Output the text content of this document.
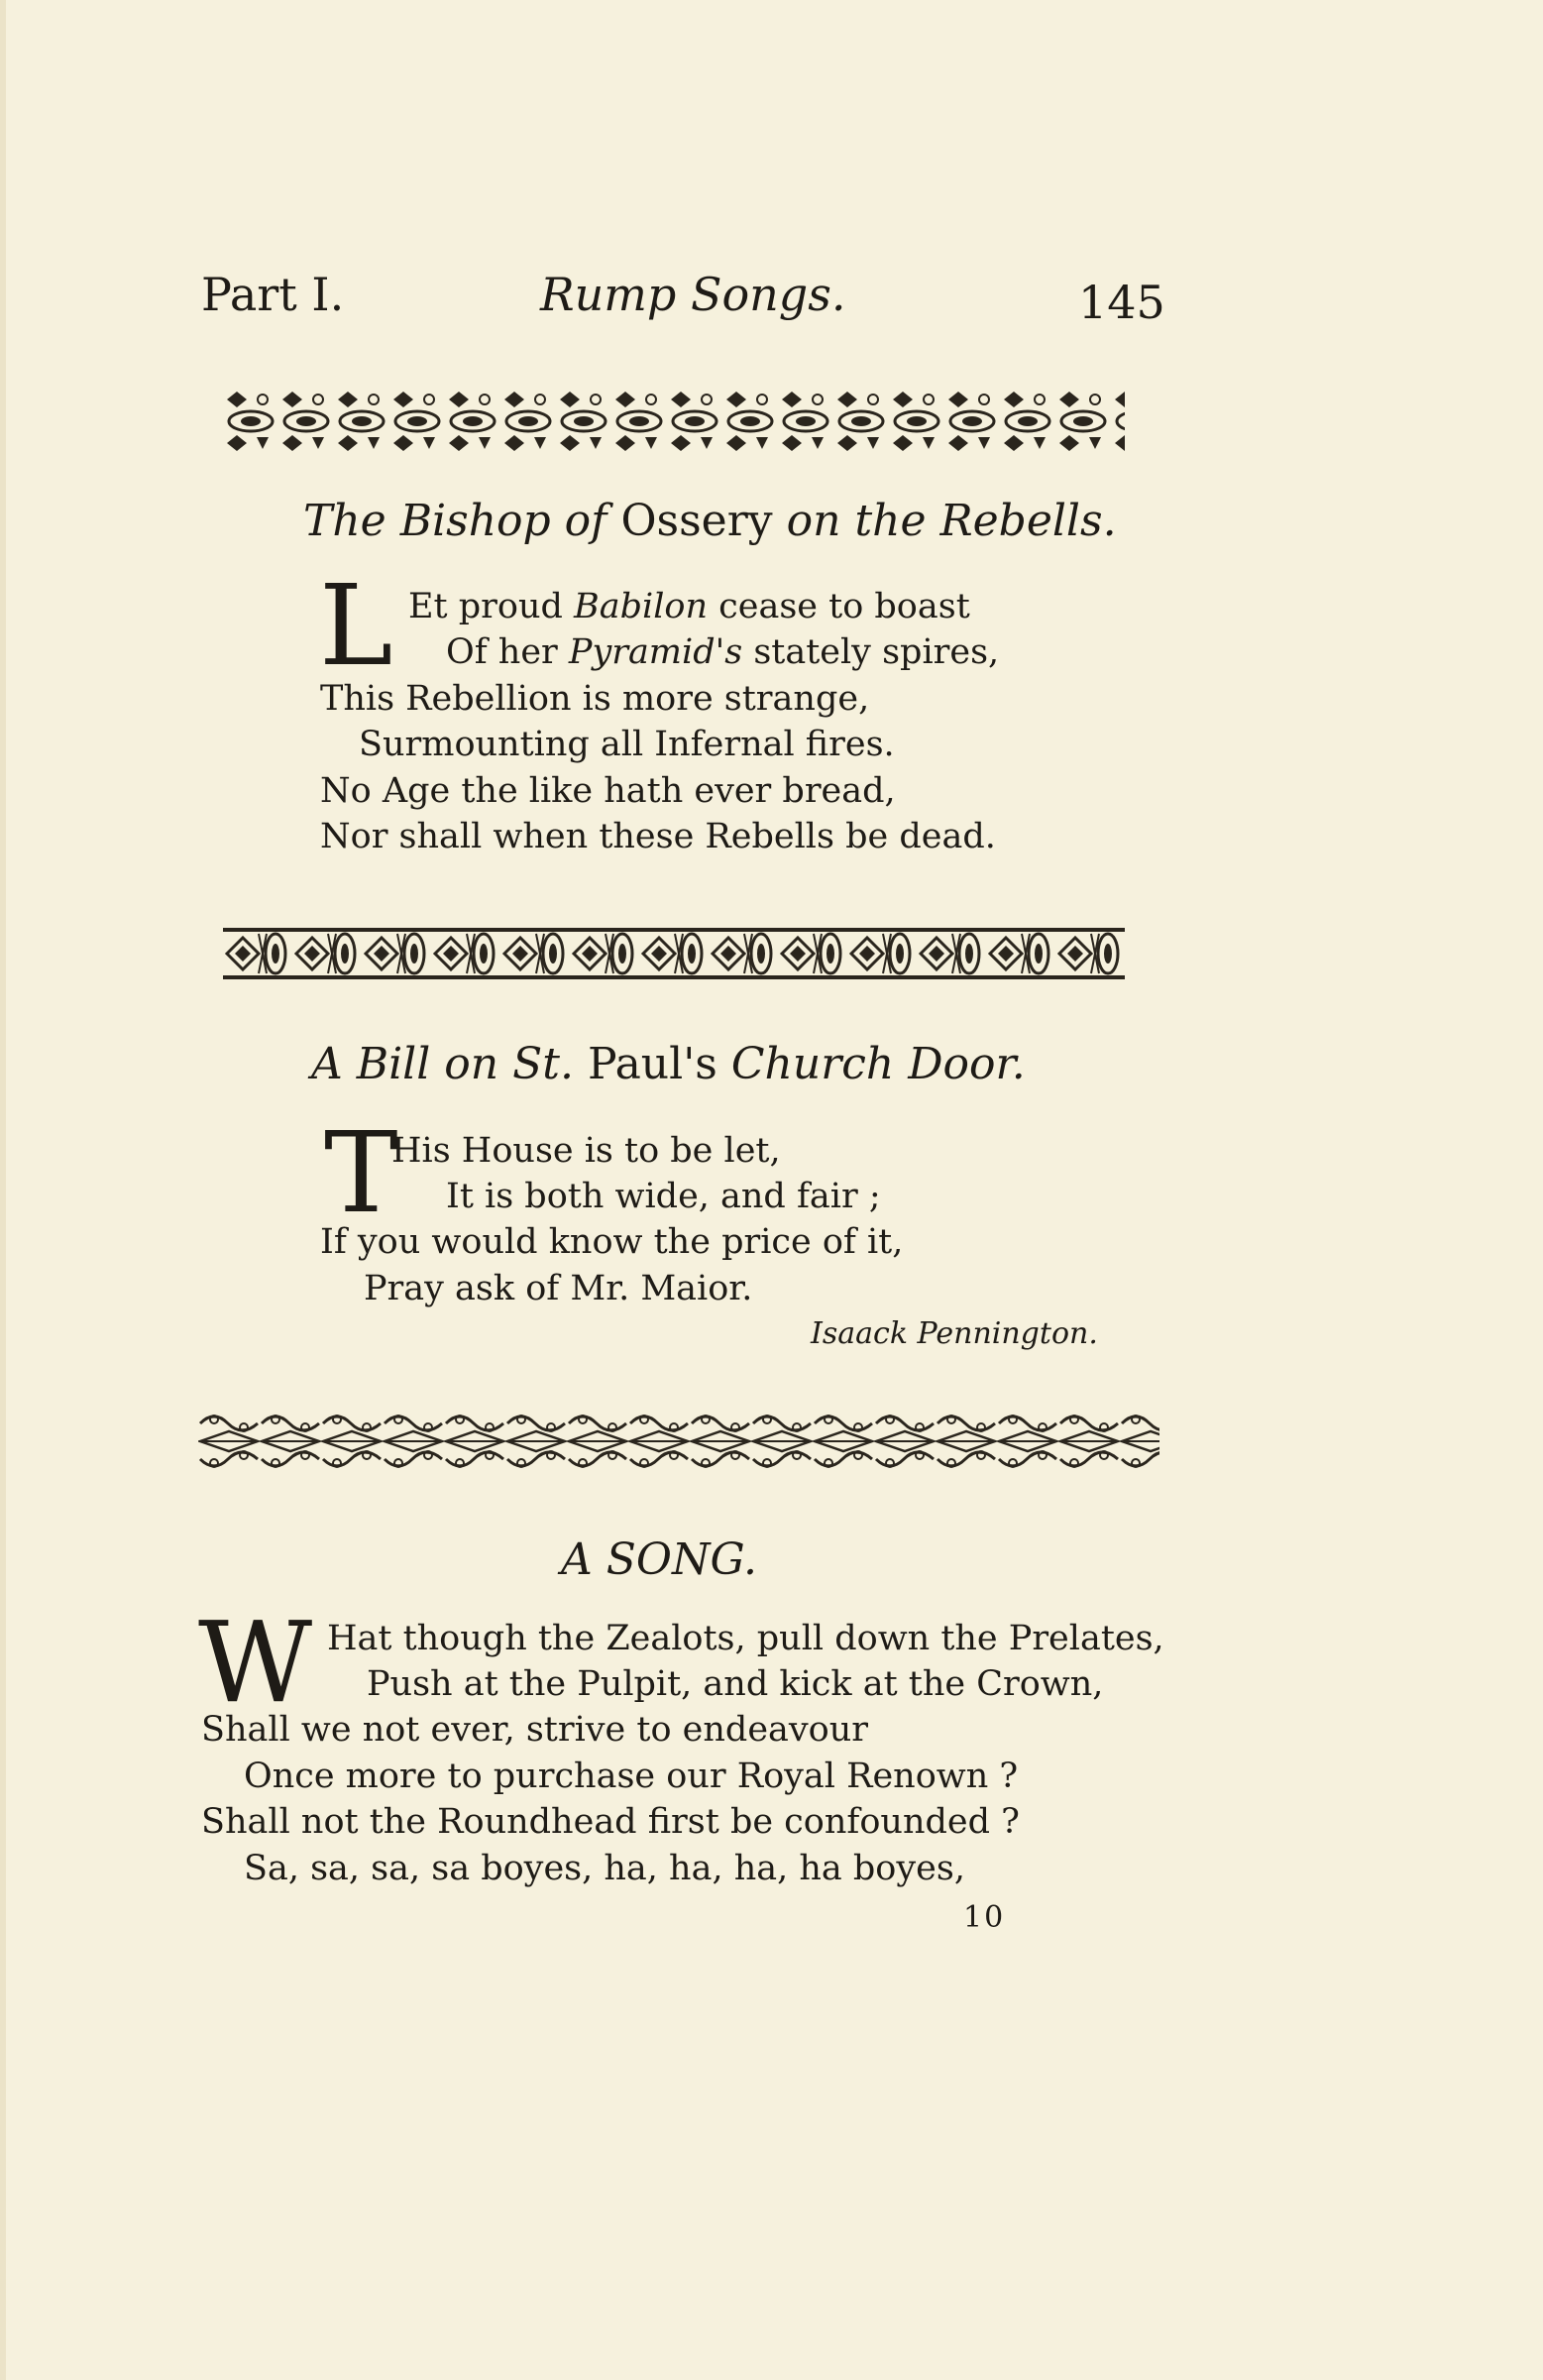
Part I.	Rump Songs.	145
The Bishop of Ossery on the Rebells.
L Et proud Babilon cease to boast
Of her Pyramid's stately spires,
This Rebellion is more strange,
Surmounting all Infernal fires.
No Age the like hath ever bread,
Nor shall when these Rebells be dead.
A Bill on St. Paul's Church Door.
T
His House is to be let,
It is both wide, and fair ;
If you would know the price of it,
Pray ask of Mr. Maior.
Isaack Pennington.
A SONG.
W Hat though the Zealots, pull down the Prelates,
Push at the Pulpit, and kick at the Crown,
Shall we not ever, strive to endeavour
Once more to purchase our Royal Renown ?
Shall not the Roundhead first be confounded ?
Sa, sa, sa, sa boyes, ha, ha, ha, ha boyes,
10
